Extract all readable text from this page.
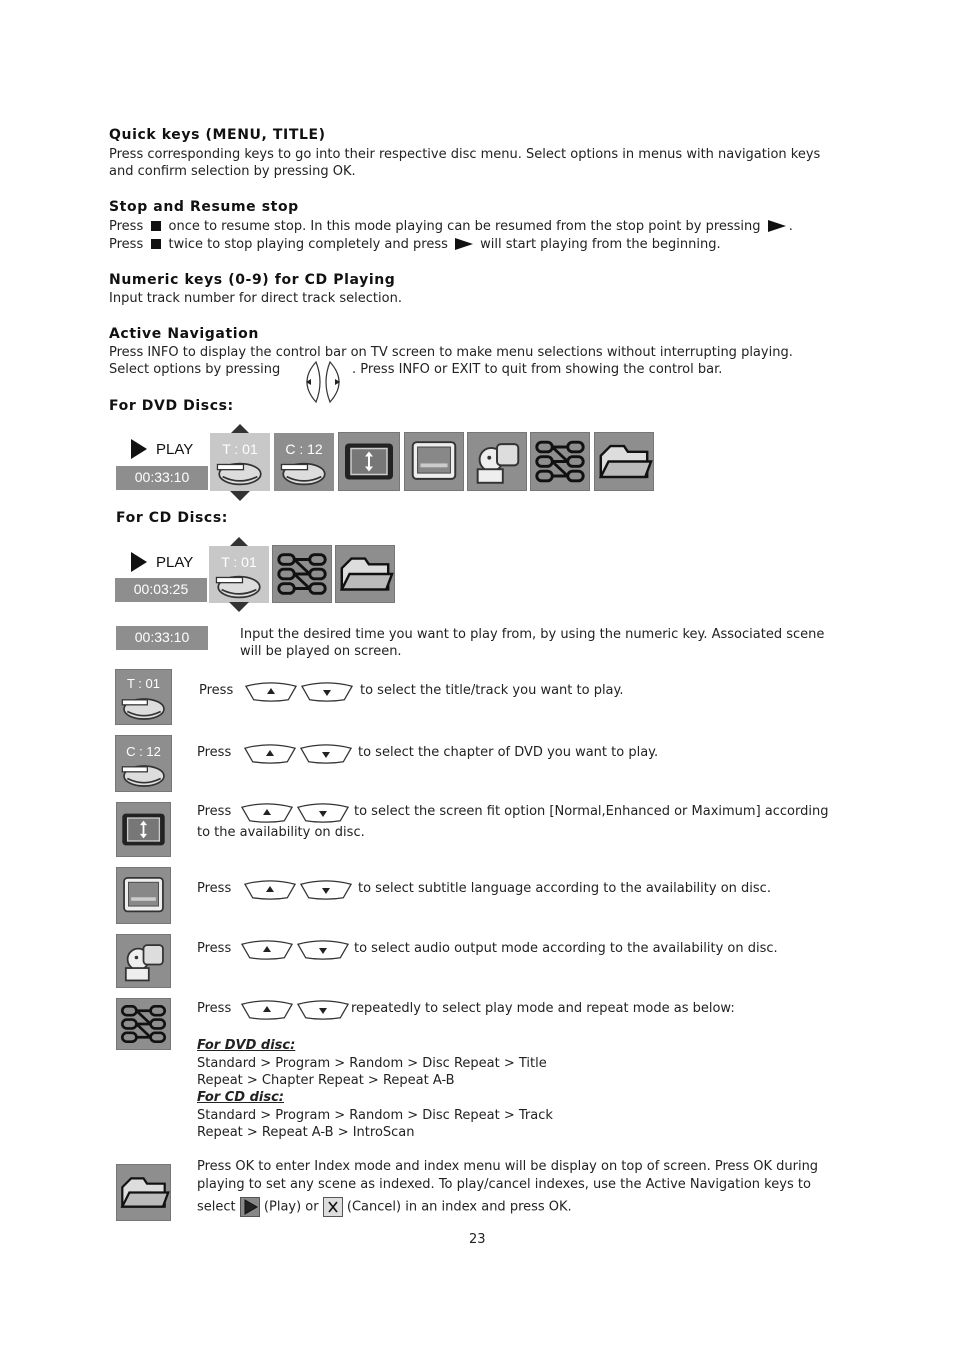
Quick keys (MENU, TITLE)
Press corresponding keys to go into their respective disc menu. Select options in menus with navigation keys
and confirm selection by pressing OK.
Stop and Resume stop
Press once to resume stop. In this mode playing can be resumed from the stop point by pressing .
Press twice to stop playing completely and press will start playing from the beginning.
Numeric keys (0-9) for CD Playing
Input track number for direct track selection.
Active Navigation
Press INFO to display the control bar on TV screen to make menu selections without interrupting playing.
Select options by pressing	. Press INFO or EXIT to quit from showing the control bar.
For DVD Discs:
PLAY
00:33:10
T : 01	C : 12
For CD Discs:
PLAY
00:03:25
T : 01
00:33:10	Input the desired time you want to play from, by using the numeric key. Associated scene
will be played on screen.
T : 01	Press	to select the title/track you want to play.
C : 12	Press	to select the chapter of DVD you want to play.
Press	to select the screen fit option [Normal,Enhanced or Maximum] according
to the availability on disc.
Press	to select subtitle language according to the availability on disc.
Press	to select audio output mode according to the availability on disc.
Press	repeatedly to select play mode and repeat mode as below:
For DVD disc:
Standard > Program > Random > Disc Repeat > Title
Repeat > Chapter Repeat > Repeat A-B
For CD disc:
Standard > Program > Random > Disc Repeat > Track
Repeat > Repeat A-B > IntroScan
Press OK to enter Index mode and index menu will be display on top of screen. Press OK during
playing to set any scene as indexed. To play/cancel indexes, use the Active Navigation keys to
select (Play) or (Cancel) in an index and press OK.
23
